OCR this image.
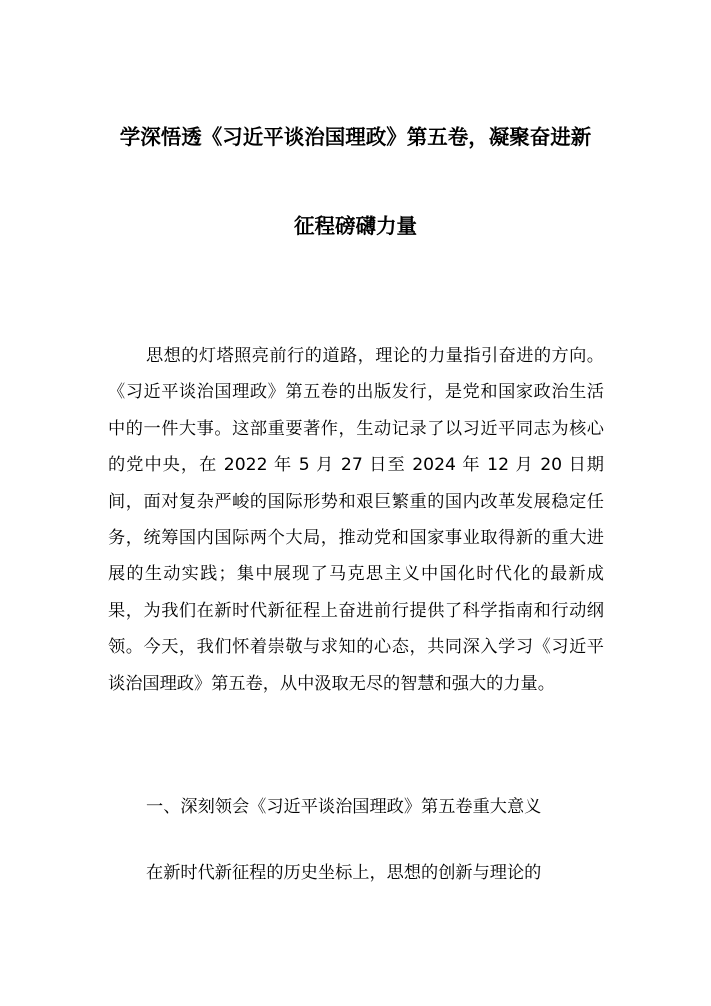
学深悟透《习近平谈治国理政》第五卷，凝聚奋进新
征程磅礴力量
思想的灯塔照亮前行的道路，理论的力量指引奋进的方向。《习近平谈治国理政》第五卷的出版发行，是党和国家政治生活中的一件大事。这部重要著作，生动记录了以习近平同志为核心的党中央，在 2022 年 5 月 27 日至 2024 年 12 月 20 日期间，面对复杂严峻的国际形势和艰巨繁重的国内改革发展稳定任务，统筹国内国际两个大局，推动党和国家事业取得新的重大进展的生动实践；集中展现了马克思主义中国化时代化的最新成果，为我们在新时代新征程上奋进前行提供了科学指南和行动纲领。今天，我们怀着崇敬与求知的心态，共同深入学习《习近平谈治国理政》第五卷，从中汲取无尽的智慧和强大的力量。
一、深刻领会《习近平谈治国理政》第五卷重大意义
在新时代新征程的历史坐标上，思想的创新与理论的
